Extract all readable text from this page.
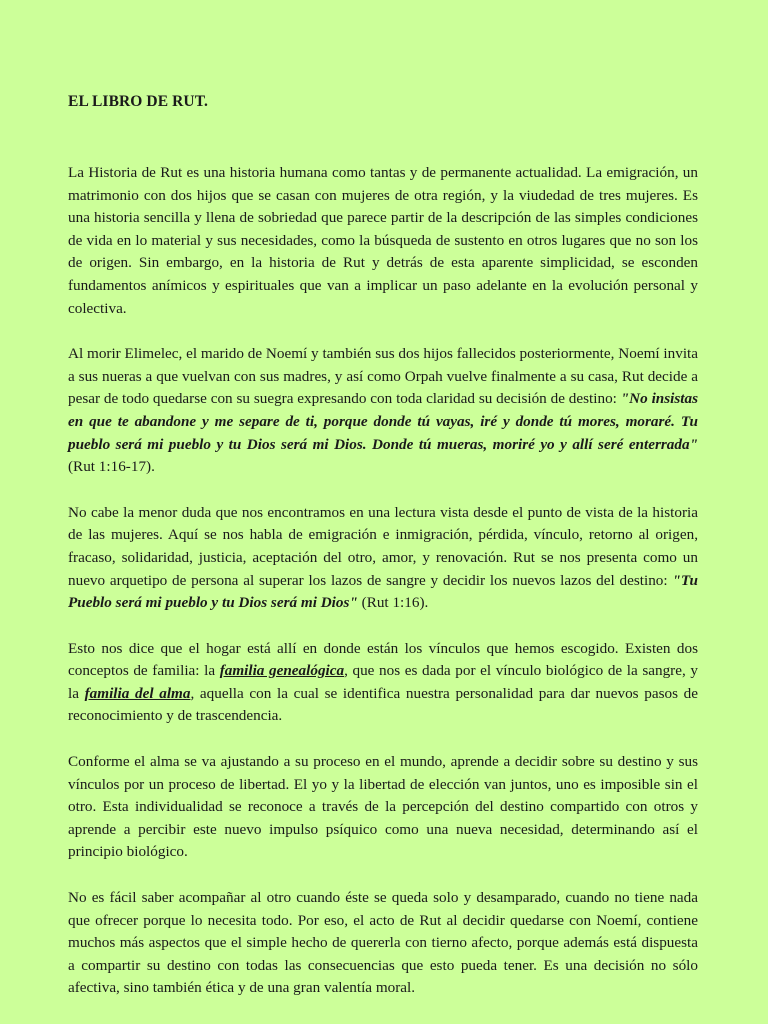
EL LIBRO DE RUT.

La Historia de Rut es una historia humana como tantas y de permanente actualidad. La emigración, un matrimonio con dos hijos que se casan con mujeres de otra región, y la viudedad de tres mujeres. Es una historia sencilla y llena de sobriedad que parece partir de la descripción de las simples condiciones de vida en lo material y sus necesidades, como la búsqueda de sustento en otros lugares que no son los de origen. Sin embargo, en la historia de Rut y detrás de esta aparente simplicidad, se esconden fundamentos anímicos y espirituales que van a implicar un paso adelante en la evolución personal y colectiva.

Al morir Elimelec, el marido de Noemí y también sus dos hijos fallecidos posteriormente, Noemí invita a sus nueras a que vuelvan con sus madres, y así como Orpah vuelve finalmente a su casa, Rut decide a pesar de todo quedarse con su suegra expresando con toda claridad su decisión de destino: "No insistas en que te abandone y me separe de ti, porque donde tú vayas, iré y donde tú mores, moraré. Tu pueblo será mi pueblo y tu Dios será mi Dios. Donde tú mueras, moriré yo y allí seré enterrada" (Rut 1:16-17).

No cabe la menor duda que nos encontramos en una lectura vista desde el punto de vista de la historia de las mujeres. Aquí se nos habla de emigración e inmigración, pérdida, vínculo, retorno al origen, fracaso, solidaridad, justicia, aceptación del otro, amor, y renovación. Rut se nos presenta como un nuevo arquetipo de persona al superar los lazos de sangre y decidir los nuevos lazos del destino: "Tu Pueblo será mi pueblo y tu Dios será mi Dios" (Rut 1:16).

Esto nos dice que el hogar está allí en donde están los vínculos que hemos escogido. Existen dos conceptos de familia: la familia genealógica, que nos es dada por el vínculo biológico de la sangre, y la familia del alma, aquella con la cual se identifica nuestra personalidad para dar nuevos pasos de reconocimiento y de trascendencia.

Conforme el alma se va ajustando a su proceso en el mundo, aprende a decidir sobre su destino y sus vínculos por un proceso de libertad. El yo y la libertad de elección van juntos, uno es imposible sin el otro. Esta individualidad se reconoce a través de la percepción del destino compartido con otros y aprende a percibir este nuevo impulso psíquico como una nueva necesidad, determinando así el principio biológico.

No es fácil saber acompañar al otro cuando éste se queda solo y desamparado, cuando no tiene nada que ofrecer porque lo necesita todo. Por eso, el acto de Rut al decidir quedarse con Noemí, contiene muchos más aspectos que el simple hecho de quererla con tierno afecto, porque además está dispuesta a compartir su destino con todas las consecuencias que esto pueda tener. Es una decisión no sólo afectiva, sino también ética y de una gran valentía moral.
